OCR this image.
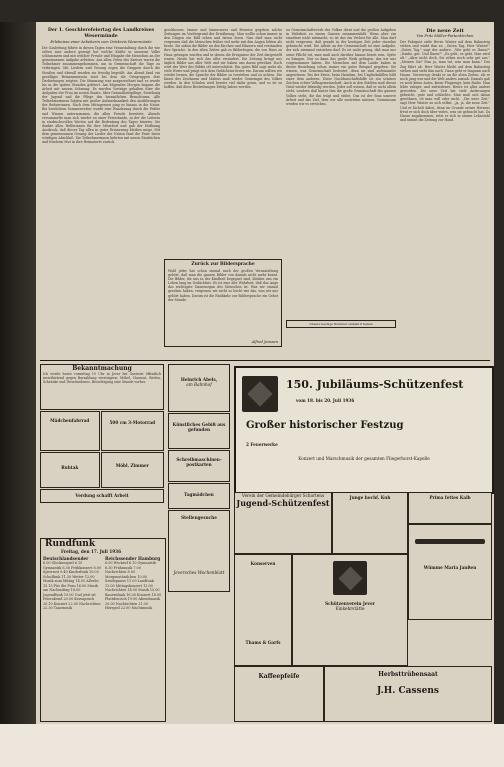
Der 1. Geschlerefeiertag des Landkreises Wesermünde
Erlebnisse einer Arbeiterin vom Ortskreis Wesermünde
Die Gauleitung führte in diesen Tagen eine Veranstaltung durch die wie selten eine andere gezeigt hat welche Kräfte in unserem Volke schlummern und mit welcher Freude und Hingabe die Menschen an der gemeinsamen Aufgabe arbeiten. Aus allen Orten des Kreises waren die Teilnehmer zusammengekommen, um in Gemeinschaft die Tage zu verbringen. Mit Liedern und Gesang zogen die Gruppen durch die Straßen und überall wurden sie freudig begrüßt. Am Abend fand ein geselliges Beisammensein statt bei dem die Ortsgruppen ihre Darbietungen zeigten. Die Stimmung war ausgezeichnet und es wurde bis in die späten Stunden gefeiert. Am folgenden Morgen begann die Arbeit mit neuem Schwung. Es wurden Vorträge gehalten über die Aufgaben der Frau im neuen Staate, über Gesundheitspflege, Erziehung der Jugend und die Pflege des heimatlichen Brauchtums. Alle Teilnehmerinnen folgten mit großer Aufmerksamkeit den Ausführungen der Rednerinnen. Nach dem Mittagessen ging es hinaus in die Natur. Bei herrlichem Sommerwetter wurde eine Wanderung durch die Felder und Wiesen unternommen, die allen Freude bereitete. Abends versammelte man sich wieder zu einer Feierstunde, in der die Leiterin in eindrucksvollen Worten auf die Bedeutung des Tages hinwies. Sie dankte allen Helferinnen für ihre Mitarbeit und gab der Hoffnung Ausdruck, daß dieser Tag allen in guter Erinnerung bleiben möge. Mit dem gemeinsamen Gesang der Lieder der Nation fand die Feier ihren würdigen Abschluß. Die Teilnehmerinnen kehrten mit neuen Eindrücken und frischem Mut in ihre Heimatorte zurück.
geschlossen. Immer und Immermeer und Beweise gegeben solche Zeitungen im Vordergrund der Erwähnung. Man wollte schon immer in den Dingen ein Bild sehen und davon lesen. Nun darf man nicht vergessen daß die Menschen früher viel mehr mit den Augen lebten als heute. Sie sahen die Bilder an den Kirchen und Häusern und verstanden ihre Sprache. In den alten Zeiten gab es Bilderbogen, die von Haus zu Haus getragen wurden und in denen die Ereignisse der Zeit dargestellt waren. Heute hat sich das alles verändert. Die Zeitung bringt uns täglich Bilder aus aller Welt und wir haben uns daran gewöhnt. Doch wird der Wert des Bildes oft unterschätzt. Ein gutes Bild sagt mehr als viele Worte und prägt sich dem Gedächtnis fester ein. Darum sollten wir wieder lernen, die Sprache der Bilder zu verstehen und zu achten. Die Kunst des Zeichnens und Malens muß wieder Gemeingut des Volkes werden. In den Schulen wird bereits viel dafür getan, und es ist zu hoffen, daß diese Bestrebungen Erfolg haben werden.
Zurück zur Bildersprache
Wohl jeder hat schon einmal nach der großen Veranstaltung gehört, daß man die ganzen Bilder von damals nicht mehr kennt. Die Bilder, die uns in der Kindheit begegnet sind, bleiben uns ein Leben lang im Gedächtnis. Es ist eine alte Wahrheit, daß das Auge das wichtigste Sinnesorgan des Menschen ist. Was wir einmal gesehen haben, vergessen wir nicht so leicht wie das, was wir nur gehört haben. Darum ist die Rückkehr zur Bildersprache ein Gebot der Stunde.
Alfred Janssen
zu Gemeinschaftswerk des Volkes dient und die großen Aufgaben in Wahrheit zu einem Ganzen zusammenfaßt. Wenn aber ein einzelner nicht mitmacht, so ist das ein Verlust für alle. Man darf nicht vergessen, daß gerade in der heutigen Zeit jeder einzelne gebraucht wird. Die Arbeit an der Gemeinschaft ist eine Aufgabe, der sich niemand entziehen darf. Es ist nicht genug, daß man nur seine Pflicht tut, man muß auch darüber hinaus bereit sein, Opfer zu bringen. Nur so kann das große Werk gelingen, das wir uns vorgenommen haben. Die Menschen auf dem Lande haben in dieser Beziehung schon immer ein gutes Beispiel gegeben. Sie wissen, was Gemeinschaft bedeutet, denn sie sind aufeinander angewiesen. Bei der Ernte, beim Hausbau, bei Unglücksfällen hilft einer dem anderen. Diese Nachbarschaftshilfe ist ein schönes Zeichen echter Volksgemeinschaft. Auch in den Städten muß dieser Geist wieder lebendig werden. Jeder soll wissen, daß er nicht allein steht, sondern daß hinter ihm die große Gemeinschaft des ganzen Volkes steht, die ihn trägt und stützt. Das ist der Sinn unserer Arbeit und das Ziel, dem wir alle zustreben müssen. Gemeinsam werden wir es erreichen.
Unsere heutige Nummer umfaßt 8 Seiten
Die neue Zeit
Von Fritz Müller-Partenkirchen
Der Fahrgast sieht Herrn Winter auf dem Bahnsteig stehen und winkt ihm zu. „Guten Tag, Herr Winter!" „Guten Tag," sagt der andere. „Wie geht es Ihnen?" „Danke, gut. Und Ihnen?" „Es geht, es geht. Man wird alt." „Aber nicht doch, Sie sehen noch sehr gut aus." „Meinen Sie? Nun ja, man tut, was man kann." Der Zug fährt ab. Herr Winter bleibt auf dem Bahnsteig stehen und sieht ihm nach. Dann geht er langsam nach Hause. Unterwegs denkt er an die alten Zeiten, als er noch jung war und die Welt anders aussah. Damals gab es noch keine Autos, keine Flugzeuge, kein Radio. Man lebte ruhiger und zufriedener. Heute ist alles anders geworden. Die neue Zeit hat viele Änderungen gebracht, gute und schlechte. Man muß sich daran gewöhnen, ob man will oder nicht. „Die neue Zeit," sagt Herr Winter zu sich selbst, „ja, ja, die neue Zeit." Und er lächelt dabei, denn im Grunde seines Herzens freut er sich doch über vieles, was sie gebracht hat. Zu Hause angekommen, setzt er sich in seinen Lehnstuhl und nimmt die Zeitung zur Hand.
Bekanntmachung
Ich werde heute vormittag 10 Uhr in Jever bei Gastwirt öffentlich meistbietend gegen Barzahlung versteigern: Möbel, Hausrat, Betten, Schränke und Verschiedenes. Besichtigung eine Stunde vorher.
Mädchenfahrrad	500 cm 3-Motorrad
Ruhtak	Möbl. Zimmer
Verdung schafft Arbeit
Heinrich Abels,
am Bahnhof
Künstliches Gebiß aus gefunden
Schreibmaschinen-postkarten
Tagmädchen
Stellengesuche
Jeversches Wochenblatt
150. Jubiläums-Schützenfest
vom 18. bis 20. Juli 1936
Großer historischer Festzug
2 Feuerwerke
Konzert und Marschmusik der gesamten Fliegerhorst-Kapelle
Rundfunk
Freitag, den 17. Juli 1936
Deutschlandsender
6.00 Glockenspiel 6.10 Gymnastik 6.30 Frühkonzert 8.00 Sperrzeit 9.40 Kinderfunk 10.00 Schulfunk 11.30 Wetter 12.00 Musik zum Mittag 14.00 Allerlei 15.15 Für die Frau 16.00 Musik am Nachmittag 18.00 Jugendfunk 19.00 Und jetzt ist Feierabend 20.00 Kernspruch 20.10 Konzert 22.00 Nachrichten 22.30 Tanzmusik
Reichssender Hamburg
6.00 Weckruf 6.10 Gymnastik 6.30 Frühmusik 7.00 Nachrichten 8.00 Morgenständchen 10.00 Sendepause 11.00 Landfunk 12.00 Mittagskonzert 13.00 Nachrichten 14.00 Musik 15.00 Bauernfunk 16.00 Konzert 18.00 Plattdeutsch 19.00 Abendmusik 20.00 Nachrichten 21.00 Hörspiel 22.00 Nachtmusik
Verein der Gemeindebürger Schortens
Jugend-Schützenfest
Junge hochf. Kuh	Prima fettes Kalb
Wümme Maria Janßen
Konserven
Thams & Garfs
Schützenverein Jever
Einkehrstätte
Kaffeepfeife	Herbsttrübensaat
J.H. Cassens
